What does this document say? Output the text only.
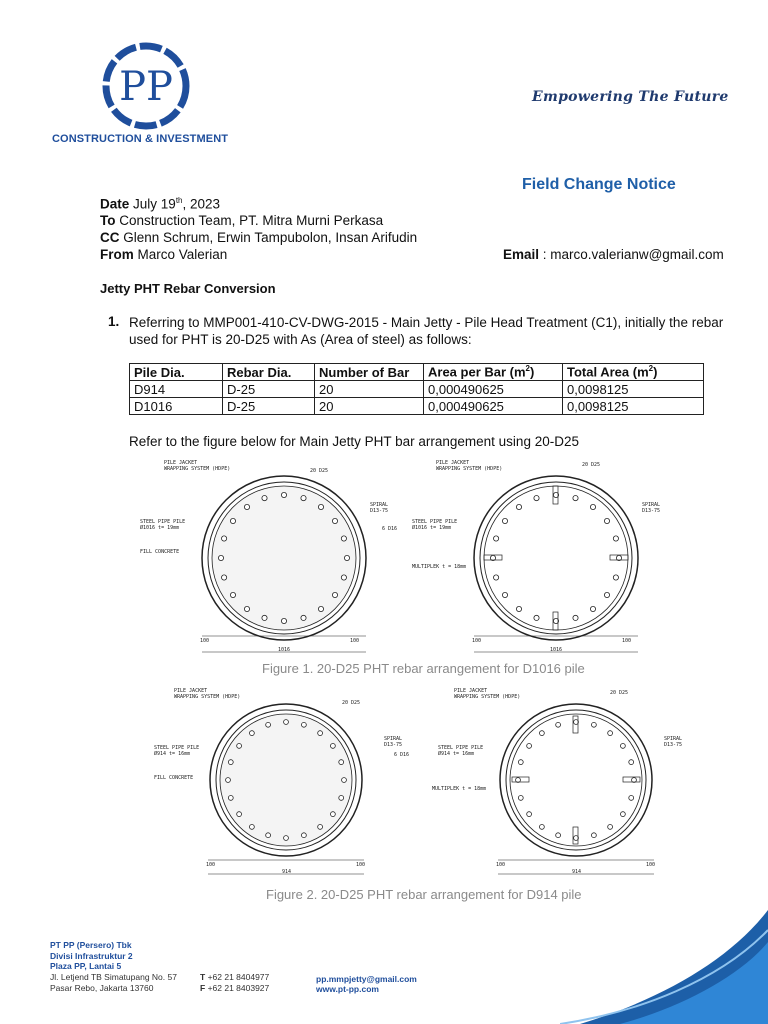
PP
CONSTRUCTION & INVESTMENT
Empowering The Future
Field Change Notice
Date July 19th, 2023
To Construction Team, PT. Mitra Murni Perkasa
CC Glenn Schrum, Erwin Tampubolon, Insan Arifudin
From Marco Valerian	Email : marco.valerianw@gmail.com
Jetty PHT Rebar Conversion
1. Referring to MMP001-410-CV-DWG-2015 - Main Jetty - Pile Head Treatment (C1), initially the rebar used for PHT is 20-D25 with As (Area of steel) as follows:
Pile Dia.	Rebar Dia.	Number of Bar	Area per Bar $(m^2)$	Total Area $(m^2)$
D914	D-25	20	0,000490625	0,0098125
D1016	D-25	20	0,000490625	0,0098125
Refer to the figure below for Main Jetty PHT bar arrangement using 20-D25
PILE JACKET
WRAPPING SYSTEM (HDPE)	20 D25
SPIRAL
D13-75
STEEL PIPE PILE
Ø1016 t= 19mm
FILL CONCRETE
6 D16
100	100
1016
PILE JACKET
WRAPPING SYSTEM (HDPE)
20 D25
SPIRAL
D13-75
STEEL PIPE PILE
Ø1016 t= 19mm
MULTIPLEK t = 18mm
100	100
1016
Figure 1. 20-D25 PHT rebar arrangement for D1016 pile
PILE JACKET
WRAPPING SYSTEM (HDPE)
20 D25
SPIRAL
D13-75
STEEL PIPE PILE
Ø914 t= 16mm
FILL CONCRETE
6 D16
100	100
914
PILE JACKET
WRAPPING SYSTEM (HDPE)
20 D25
SPIRAL
D13-75
STEEL PIPE PILE
Ø914 t= 16mm
MULTIPLEK t = 18mm
100	100
914
Figure 2. 20-D25 PHT rebar arrangement for D914 pile
PT PP (Persero) Tbk
Divisi Infrastruktur 2
Plaza PP, Lantai 5
Jl. Letjend TB Simatupang No. 57
Pasar Rebo, Jakarta 13760
T +62 21 8404977
F +62 21 8403927
pp.mmpjetty@gmail.com
www.pt-pp.com
